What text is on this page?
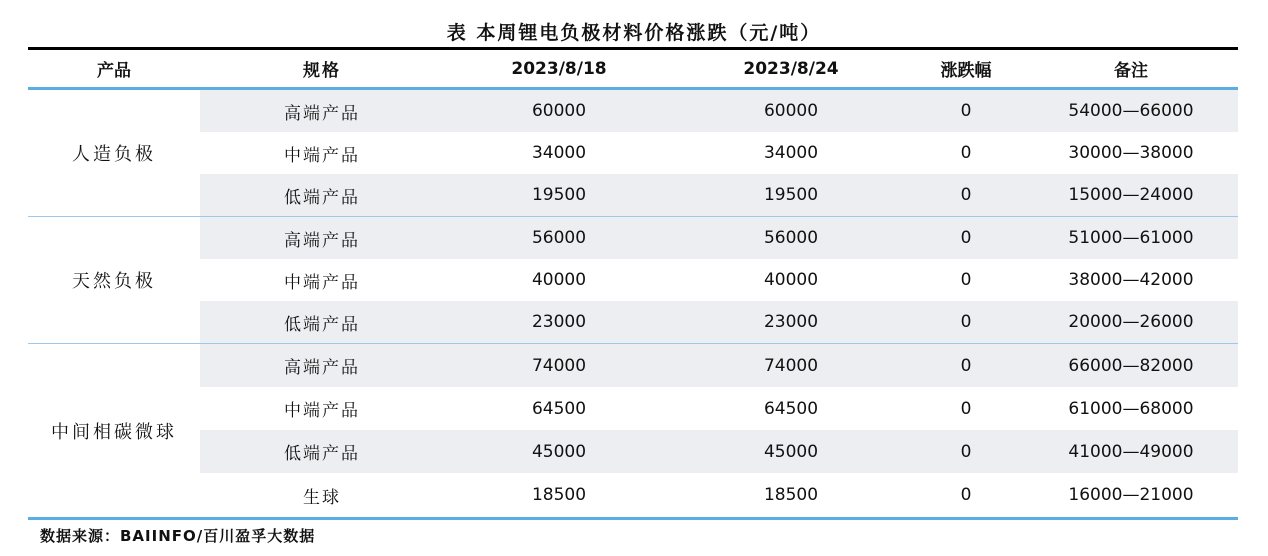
表 本周锂电负极材料价格涨跌（元/吨）
产品	规格	2023/8/18	2023/8/24	涨跌幅	备注
人造负极
高端产品	60000	60000	0	54000—66000
中端产品	34000	34000	0	30000—38000
低端产品	19500	19500	0	15000—24000
天然负极
高端产品	56000	56000	0	51000—61000
中端产品	40000	40000	0	38000—42000
低端产品	23000	23000	0	20000—26000
中间相碳微球
高端产品	74000	74000	0	66000—82000
中端产品	64500	64500	0	61000—68000
低端产品	45000	45000	0	41000—49000
生球	18500	18500	0	16000—21000
数据来源：BAIINFO/百川盈孚大数据
